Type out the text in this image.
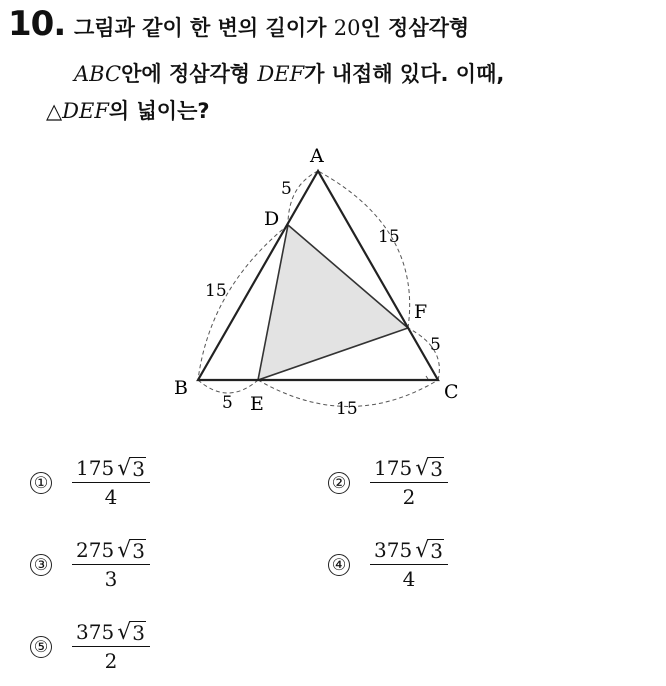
10. 그림과 같이 한 변의 길이가 20인 정삼각형
ABC안에 정삼각형 DEF가 내접해 있다. 이때,
△DEF의 넓이는?
A
D
B
E
C
F
5
15
5	15
5
15
① $\frac{175 √ 3}{4}$	② $\frac{175 √ 3}{2}$
③ $\frac{275 √ 3}{3}$	④ $\frac{375 √ 3}{4}$
⑤ $\frac{375 √ 3}{2}$
